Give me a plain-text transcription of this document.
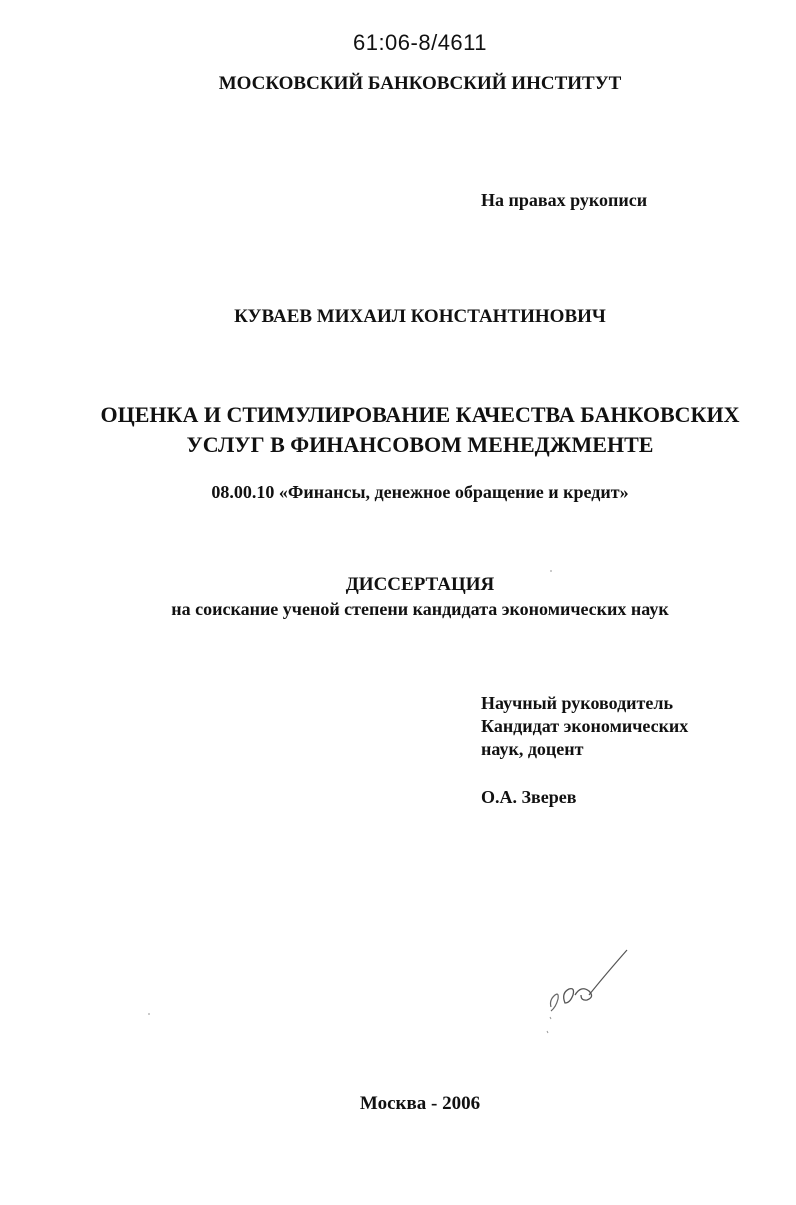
61:06-8/4611
МОСКОВСКИЙ БАНКОВСКИЙ ИНСТИТУТ
На правах рукописи
КУВАЕВ МИХАИЛ КОНСТАНТИНОВИЧ
ОЦЕНКА И СТИМУЛИРОВАНИЕ КАЧЕСТВА БАНКОВСКИХ
УСЛУГ В ФИНАНСОВОМ МЕНЕДЖМЕНТЕ
08.00.10 «Финансы, денежное обращение и кредит»
ДИССЕРТАЦИЯ
на соискание ученой степени кандидата экономических наук
Научный руководитель
Кандидат экономических
наук, доцент
О.А. Зверев
Москва - 2006
